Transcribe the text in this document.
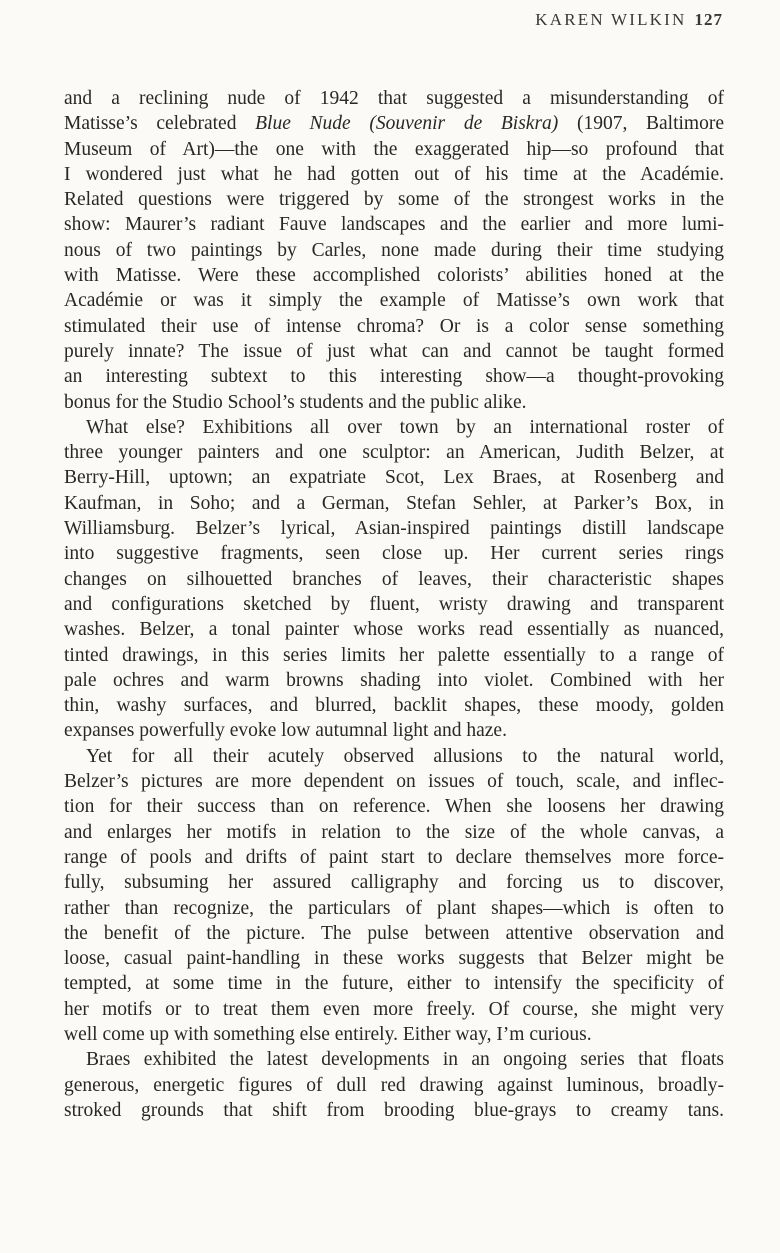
KAREN WILKIN 127
and a reclining nude of 1942 that suggested a misunderstanding of
Matisse’s celebrated Blue Nude (Souvenir de Biskra) (1907, Baltimore
Museum of Art)—the one with the exaggerated hip—so profound that
I wondered just what he had gotten out of his time at the Académie.
Related questions were triggered by some of the strongest works in the
show: Maurer’s radiant Fauve landscapes and the earlier and more lumi-
nous of two paintings by Carles, none made during their time studying
with Matisse. Were these accomplished colorists’ abilities honed at the
Académie or was it simply the example of Matisse’s own work that
stimulated their use of intense chroma? Or is a color sense something
purely innate? The issue of just what can and cannot be taught formed
an interesting subtext to this interesting show—a thought-provoking
bonus for the Studio School’s students and the public alike.
What else? Exhibitions all over town by an international roster of
three younger painters and one sculptor: an American, Judith Belzer, at
Berry-Hill, uptown; an expatriate Scot, Lex Braes, at Rosenberg and
Kaufman, in Soho; and a German, Stefan Sehler, at Parker’s Box, in
Williamsburg. Belzer’s lyrical, Asian-inspired paintings distill landscape
into suggestive fragments, seen close up. Her current series rings
changes on silhouetted branches of leaves, their characteristic shapes
and configurations sketched by fluent, wristy drawing and transparent
washes. Belzer, a tonal painter whose works read essentially as nuanced,
tinted drawings, in this series limits her palette essentially to a range of
pale ochres and warm browns shading into violet. Combined with her
thin, washy surfaces, and blurred, backlit shapes, these moody, golden
expanses powerfully evoke low autumnal light and haze.
Yet for all their acutely observed allusions to the natural world,
Belzer’s pictures are more dependent on issues of touch, scale, and inflec-
tion for their success than on reference. When she loosens her drawing
and enlarges her motifs in relation to the size of the whole canvas, a
range of pools and drifts of paint start to declare themselves more force-
fully, subsuming her assured calligraphy and forcing us to discover,
rather than recognize, the particulars of plant shapes—which is often to
the benefit of the picture. The pulse between attentive observation and
loose, casual paint-handling in these works suggests that Belzer might be
tempted, at some time in the future, either to intensify the specificity of
her motifs or to treat them even more freely. Of course, she might very
well come up with something else entirely. Either way, I’m curious.
Braes exhibited the latest developments in an ongoing series that floats
generous, energetic figures of dull red drawing against luminous, broadly-
stroked grounds that shift from brooding blue-grays to creamy tans.
